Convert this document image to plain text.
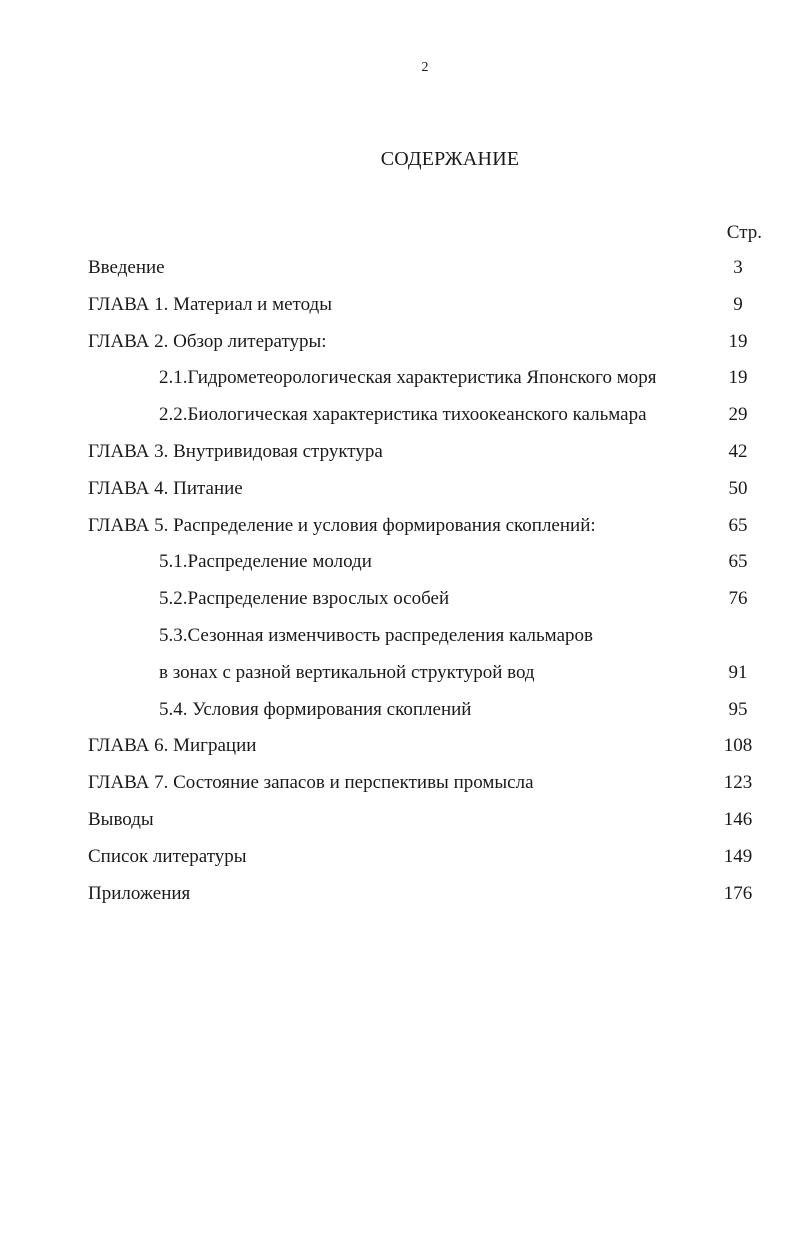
2
СОДЕРЖАНИЕ
Стр.
Введение	3
ГЛАВА 1. Материал и методы	9
ГЛАВА 2. Обзор литературы:	19
2.1.Гидрометеорологическая характеристика Японского моря	19
2.2.Биологическая характеристика тихоокеанского кальмара	29
ГЛАВА 3. Внутривидовая структура	42
ГЛАВА 4. Питание	50
ГЛАВА 5. Распределение и условия формирования скоплений:	65
5.1.Распределение молоди	65
5.2.Распределение взрослых особей	76
5.3.Сезонная изменчивость распределения кальмаров
в зонах с разной вертикальной структурой вод	91
5.4. Условия формирования скоплений	95
ГЛАВА 6. Миграции	108
ГЛАВА 7. Состояние запасов и перспективы промысла	123
Выводы	146
Список литературы	149
Приложения	176
